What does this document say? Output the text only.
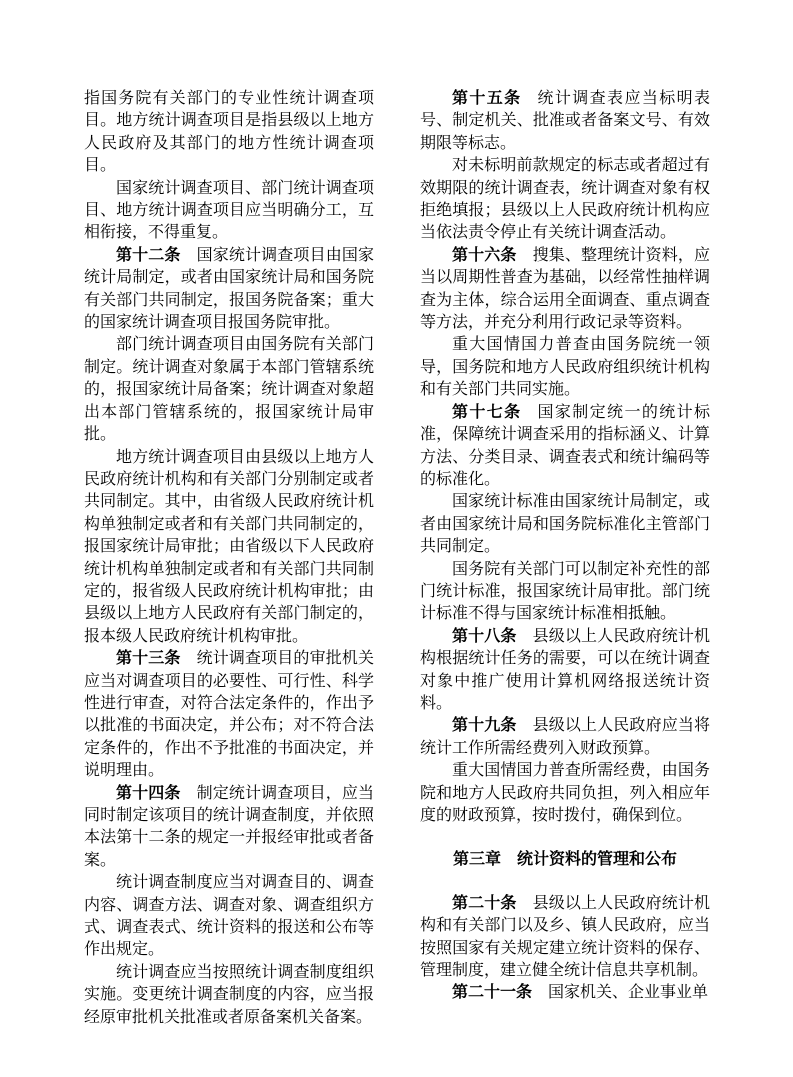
指国务院有关部门的专业性统计调查项目。地方统计调查项目是指县级以上地方人民政府及其部门的地方性统计调查项目。

国家统计调查项目、部门统计调查项目、地方统计调查项目应当明确分工，互相衔接，不得重复。

第十二条 国家统计调查项目由国家统计局制定，或者由国家统计局和国务院有关部门共同制定，报国务院备案；重大的国家统计调查项目报国务院审批。

部门统计调查项目由国务院有关部门制定。统计调查对象属于本部门管辖系统的，报国家统计局备案；统计调查对象超出本部门管辖系统的，报国家统计局审批。

地方统计调查项目由县级以上地方人民政府统计机构和有关部门分别制定或者共同制定。其中，由省级人民政府统计机构单独制定或者和有关部门共同制定的，报国家统计局审批；由省级以下人民政府统计机构单独制定或者和有关部门共同制定的，报省级人民政府统计机构审批；由县级以上地方人民政府有关部门制定的，报本级人民政府统计机构审批。

第十三条 统计调查项目的审批机关应当对调查项目的必要性、可行性、科学性进行审查，对符合法定条件的，作出予以批准的书面决定，并公布；对不符合法定条件的，作出不予批准的书面决定，并说明理由。

第十四条 制定统计调查项目，应当同时制定该项目的统计调查制度，并依照本法第十二条的规定一并报经审批或者备案。

统计调查制度应当对调查目的、调查内容、调查方法、调查对象、调查组织方式、调查表式、统计资料的报送和公布等作出规定。

统计调查应当按照统计调查制度组织实施。变更统计调查制度的内容，应当报经原审批机关批准或者原备案机关备案。

第十五条 统计调查表应当标明表号、制定机关、批准或者备案文号、有效期限等标志。

对未标明前款规定的标志或者超过有效期限的统计调查表，统计调查对象有权拒绝填报；县级以上人民政府统计机构应当依法责令停止有关统计调查活动。

第十六条 搜集、整理统计资料，应当以周期性普查为基础，以经常性抽样调查为主体，综合运用全面调查、重点调查等方法，并充分利用行政记录等资料。

重大国情国力普查由国务院统一领导，国务院和地方人民政府组织统计机构和有关部门共同实施。

第十七条 国家制定统一的统计标准，保障统计调查采用的指标涵义、计算方法、分类目录、调查表式和统计编码等的标准化。

国家统计标准由国家统计局制定，或者由国家统计局和国务院标准化主管部门共同制定。

国务院有关部门可以制定补充性的部门统计标准，报国家统计局审批。部门统计标准不得与国家统计标准相抵触。

第十八条 县级以上人民政府统计机构根据统计任务的需要，可以在统计调查对象中推广使用计算机网络报送统计资料。

第十九条 县级以上人民政府应当将统计工作所需经费列入财政预算。

重大国情国力普查所需经费，由国务院和地方人民政府共同负担，列入相应年度的财政预算，按时拨付，确保到位。

第三章　统计资料的管理和公布

第二十条 县级以上人民政府统计机构和有关部门以及乡、镇人民政府，应当按照国家有关规定建立统计资料的保存、管理制度，建立健全统计信息共享机制。

第二十一条 国家机关、企业事业单
